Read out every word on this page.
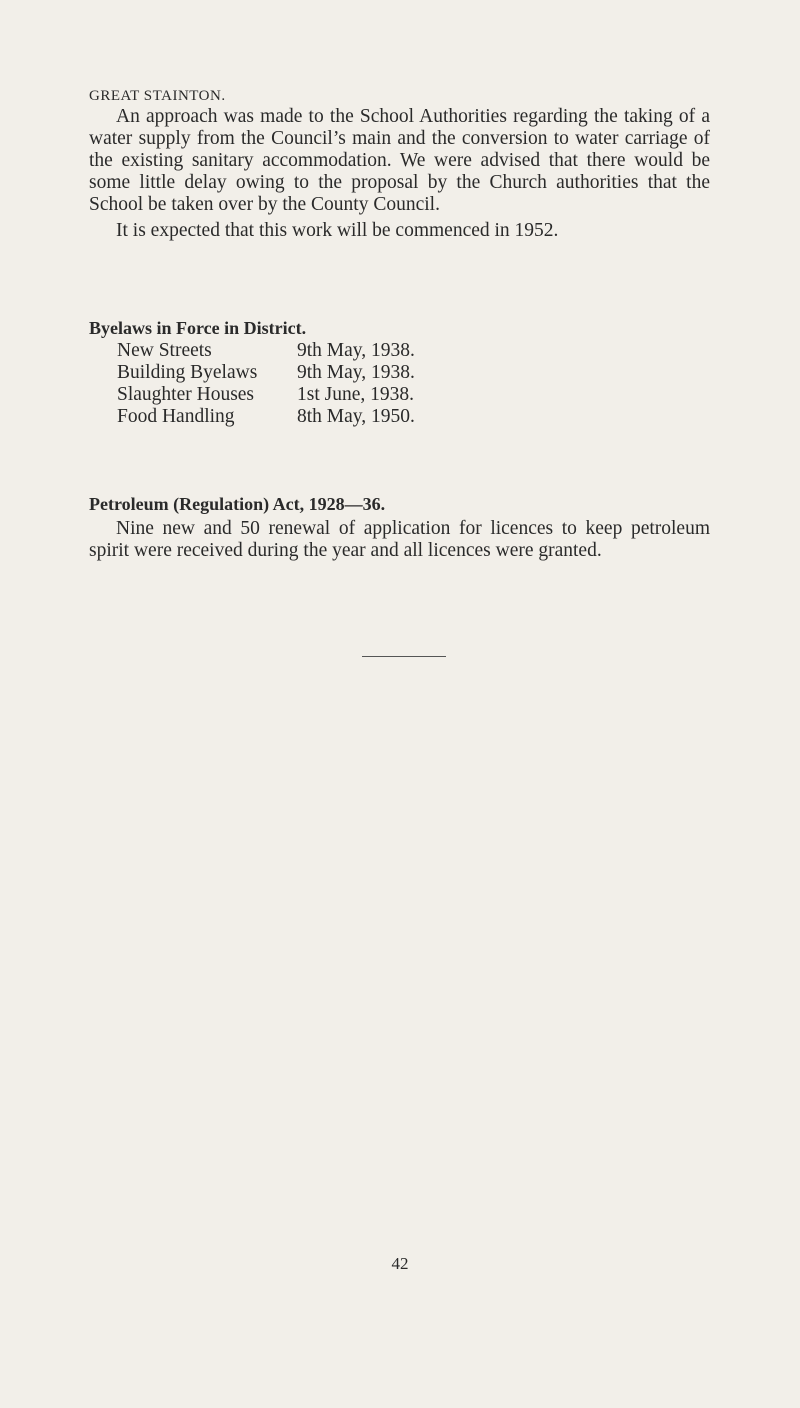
GREAT STAINTON.

An approach was made to the School Authorities regarding the taking of a water supply from the Council’s main and the conversion to water carriage of the existing sanitary accommodation. We were advised that there would be some little delay owing to the proposal by the Church authorities that the School be taken over by the County Council.

It is expected that this work will be commenced in 1952.

Byelaws in Force in District.
New Streets	9th May, 1938.
Building Byelaws	9th May, 1938.
Slaughter Houses	1st June, 1938.
Food Handling	8th May, 1950.
Petroleum (Regulation) Act, 1928—36.

Nine new and 50 renewal of application for licences to keep petroleum spirit were received during the year and all licences were granted.

42
